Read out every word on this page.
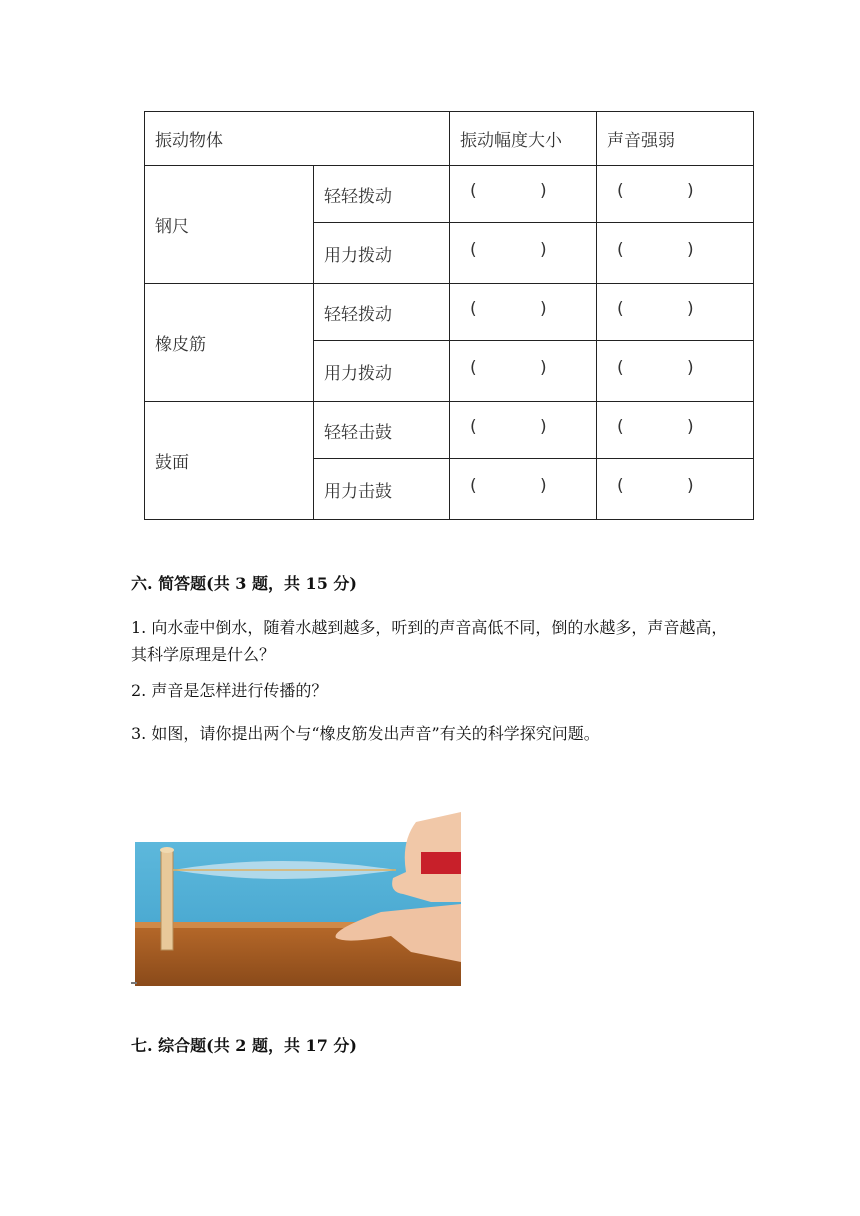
振动物体		振动幅度大小	声音强弱
钢尺	轻轻拨动	( )	( )

	用力拨动	( )	( )

橡皮筋	轻轻拨动	( )	( )

	用力拨动	( )	( )

鼓面	轻轻击鼓	( )	( )

	用力击鼓	( )	( )
六. 简答题(共 3 题，共 15 分)
1. 向水壶中倒水，随着水越到越多，听到的声音高低不同，倒的水越多，声音越高，其科学原理是什么？
2. 声音是怎样进行传播的？
3. 如图，请你提出两个与“橡皮筋发出声音”有关的科学探究问题。
七. 综合题(共 2 题，共 17 分)
